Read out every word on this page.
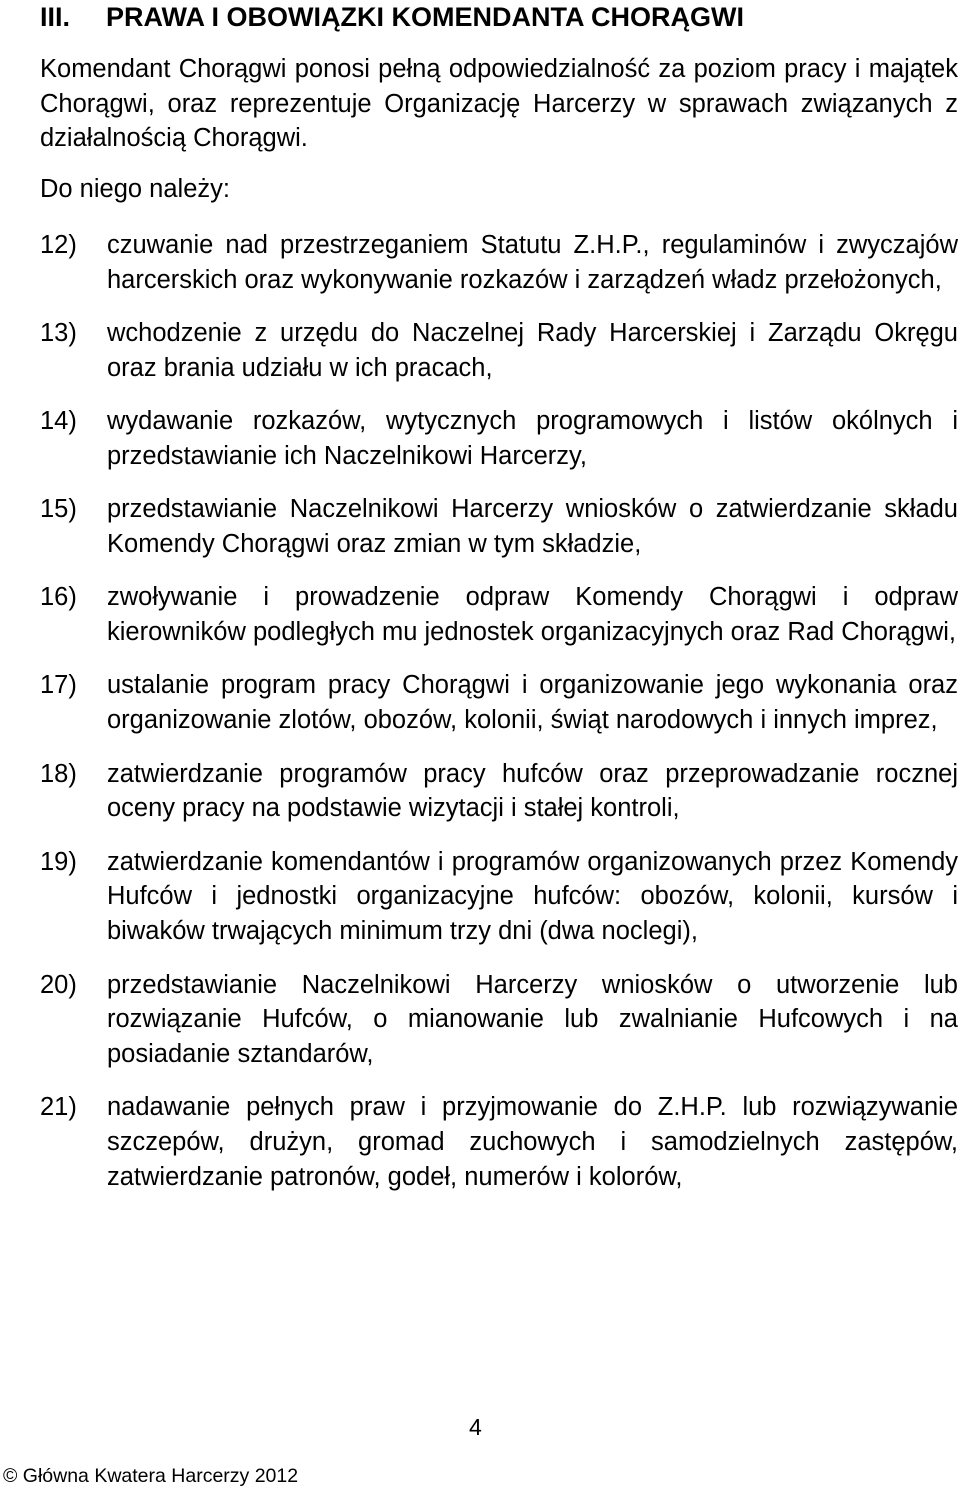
III. PRAWA I OBOWIĄZKI KOMENDANTA CHORĄGWI
Komendant Chorągwi ponosi pełną odpowiedzialność za poziom pracy i majątek Chorągwi, oraz reprezentuje Organizację Harcerzy w sprawach związanych z działalnością Chorągwi.
Do niego należy:
12) czuwanie nad przestrzeganiem Statutu Z.H.P., regulaminów i zwyczajów harcerskich oraz wykonywanie rozkazów i zarządzeń władz przełożonych,
13) wchodzenie z urzędu do Naczelnej Rady Harcerskiej i Zarządu Okręgu oraz brania udziału w ich pracach,
14) wydawanie rozkazów, wytycznych programowych i listów okólnych i przedstawianie ich Naczelnikowi Harcerzy,
15) przedstawianie Naczelnikowi Harcerzy wniosków o zatwierdzanie składu Komendy Chorągwi oraz zmian w tym składzie,
16) zwoływanie i prowadzenie odpraw Komendy Chorągwi i odpraw kierowników podległych mu jednostek organizacyjnych oraz Rad Chorągwi,
17) ustalanie program pracy Chorągwi i organizowanie jego wykonania oraz organizowanie zlotów, obozów, kolonii, świąt narodowych i innych imprez,
18) zatwierdzanie programów pracy hufców oraz przeprowadzanie rocznej oceny pracy na podstawie wizytacji i stałej kontroli,
19) zatwierdzanie komendantów i programów organizowanych przez Komendy Hufców i jednostki organizacyjne hufców: obozów, kolonii, kursów i biwaków trwających minimum trzy dni (dwa noclegi),
20) przedstawianie Naczelnikowi Harcerzy wniosków o utworzenie lub rozwiązanie Hufców, o mianowanie lub zwalnianie Hufcowych i na posiadanie sztandarów,
21) nadawanie pełnych praw i przyjmowanie do Z.H.P. lub rozwiązywanie szczepów, drużyn, gromad zuchowych i samodzielnych zastępów, zatwierdzanie patronów, godeł, numerów i kolorów,
4
© Główna Kwatera Harcerzy 2012
